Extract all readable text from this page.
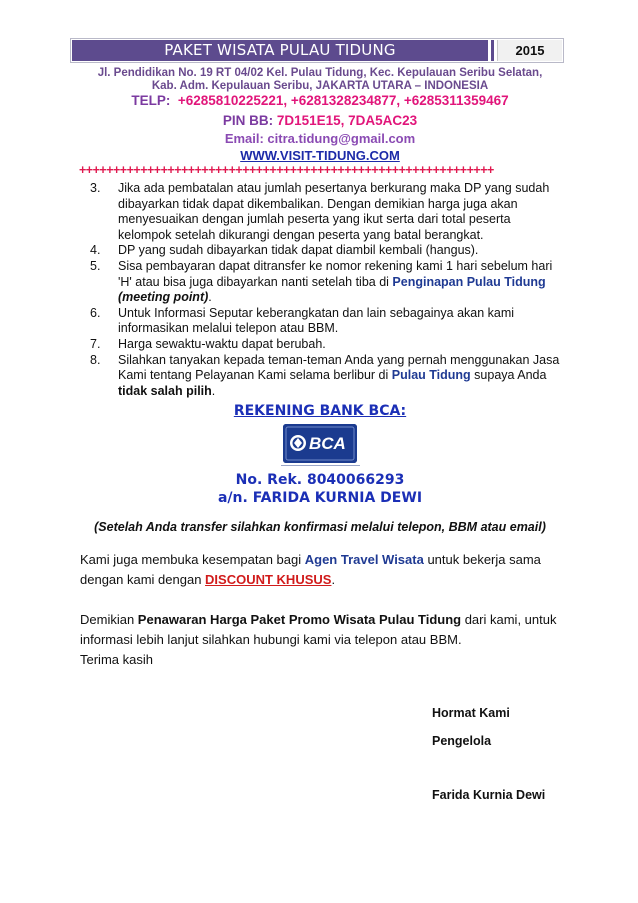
PAKET WISATA PULAU TIDUNG	2015
Jl. Pendidikan No. 19 RT 04/02 Kel. Pulau Tidung, Kec. Kepulauan Seribu Selatan,
Kab. Adm. Kepulauan Seribu, JAKARTA UTARA – INDONESIA
TELP: +6285810225221, +6281328234877, +6285311359467
PIN BB: 7D151E15, 7DA5AC23
Email: citra.tidung@gmail.com
WWW.VISIT-TIDUNG.COM
+++++++++++++++++++++++++++++++++++++++++++++++++++++++++++++
3.	Jika ada pembatalan atau jumlah pesertanya berkurang maka DP yang sudah dibayarkan tidak dapat dikembalikan. Dengan demikian harga juga akan menyesuaikan dengan jumlah peserta yang ikut serta dari total peserta kelompok setelah dikurangi dengan peserta yang batal berangkat.
4.	DP yang sudah dibayarkan tidak dapat diambil kembali (hangus).
5.	Sisa pembayaran dapat ditransfer ke nomor rekening kami 1 hari sebelum hari 'H' atau bisa juga dibayarkan nanti setelah tiba di Penginapan Pulau Tidung (meeting point).
6.	Untuk Informasi Seputar keberangkatan dan lain sebagainya akan kami informasikan melalui telepon atau BBM.
7.	Harga sewaktu-waktu dapat berubah.
8.	Silahkan tanyakan kepada teman-teman Anda yang pernah menggunakan Jasa Kami tentang Pelayanan Kami selama berlibur di Pulau Tidung supaya Anda tidak salah pilih.
REKENING BANK BCA:
BCA
No. Rek. 8040066293
a/n. FARIDA KURNIA DEWI
(Setelah Anda transfer silahkan konfirmasi melalui telepon, BBM atau email)
Kami juga membuka kesempatan bagi Agen Travel Wisata untuk bekerja sama dengan kami dengan DISCOUNT KHUSUS.
Demikian Penawaran Harga Paket Promo Wisata Pulau Tidung dari kami, untuk informasi lebih lanjut silahkan hubungi kami via telepon atau BBM.
Terima kasih
Hormat Kami
Pengelola
Farida Kurnia Dewi
